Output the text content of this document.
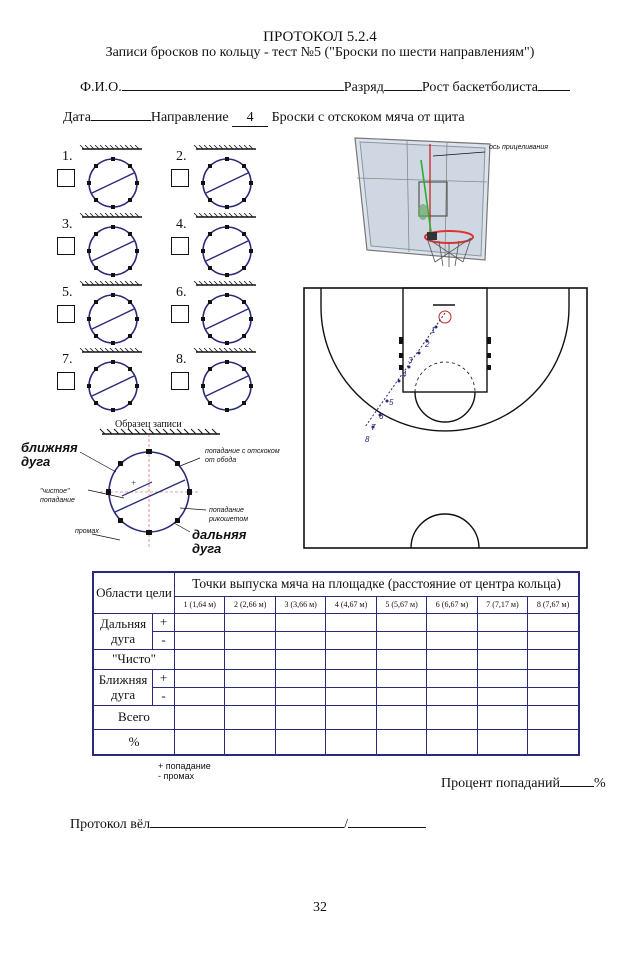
ПРОТОКОЛ 5.2.4
Записи бросков по кольцу - тест №5 ("Броски по шести направлениям")
Ф.И.О.	Разряд	Рост баскетболиста
Дата	Направление 4 Броски с отскоком мяча от щита
1.	2.
3.	4.
5.	6.
7.	8.
Образец записи
+
ближняя дуга
"чистое" попадание
промах
попадание с отскоком от обода
попадание рикошетом
дальняя дуга
ось прицеливания
1
2
3
4
5
6
7
8
Области цели		Точки выпуска мяча на площадке (расстояние от центра кольца)							
		1 (1,64 м)	2 (2,66 м)	3 (3,66 м)	4 (4,67 м)	5 (5,67 м)	6 (6,67 м)	7 (7,17 м)	8 (7,67 м)
Дальняя дуга	+								
	-								
"Чисто"									
Ближняя дуга	+								
	-								
Всего									
%									
+ попадание
- промах	Процент попаданий %
Протокол вёл	/
32
